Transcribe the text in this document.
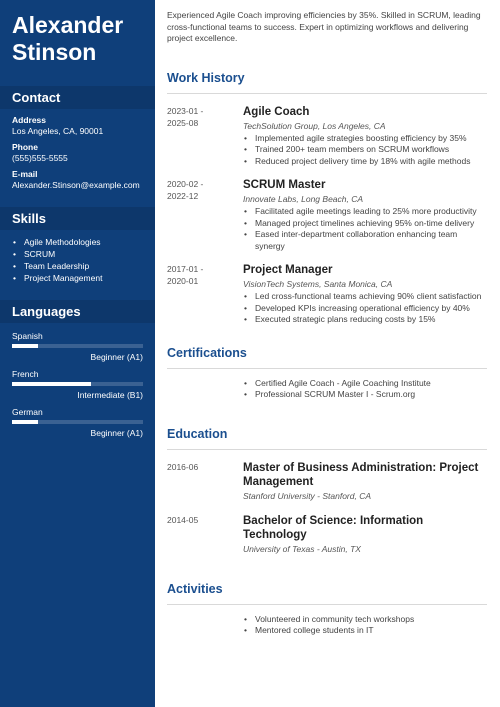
Alexander
Stinson
Contact
Address
Los Angeles, CA, 90001
Phone
(555)555-5555
E-mail
Alexander.Stinson@example.com
Skills
• Agile Methodologies
• SCRUM
• Team Leadership
• Project Management
Languages
Spanish
Beginner (A1)
French
Intermediate (B1)
German
Beginner (A1)
Experienced Agile Coach improving efficiencies by 35%. Skilled in SCRUM, leading cross-functional teams to success. Expert in optimizing workflows and delivering project excellence.
Work History
2023-01 -
2025-08
Agile Coach
TechSolution Group, Los Angeles, CA
• Implemented agile strategies boosting efficiency by 35%
• Trained 200+ team members on SCRUM workflows
• Reduced project delivery time by 18% with agile methods
2020-02 -
2022-12
SCRUM Master
Innovate Labs, Long Beach, CA
• Facilitated agile meetings leading to 25% more productivity
• Managed project timelines achieving 95% on-time delivery
• Eased inter-department collaboration enhancing team synergy
2017-01 -
2020-01
Project Manager
VisionTech Systems, Santa Monica, CA
• Led cross-functional teams achieving 90% client satisfaction
• Developed KPIs increasing operational efficiency by 40%
• Executed strategic plans reducing costs by 15%
Certifications
• Certified Agile Coach - Agile Coaching Institute
• Professional SCRUM Master I - Scrum.org
Education
2016-06	Master of Business Administration: Project Management
Stanford University - Stanford, CA
2014-05	Bachelor of Science: Information Technology
University of Texas - Austin, TX
Activities
• Volunteered in community tech workshops
• Mentored college students in IT
